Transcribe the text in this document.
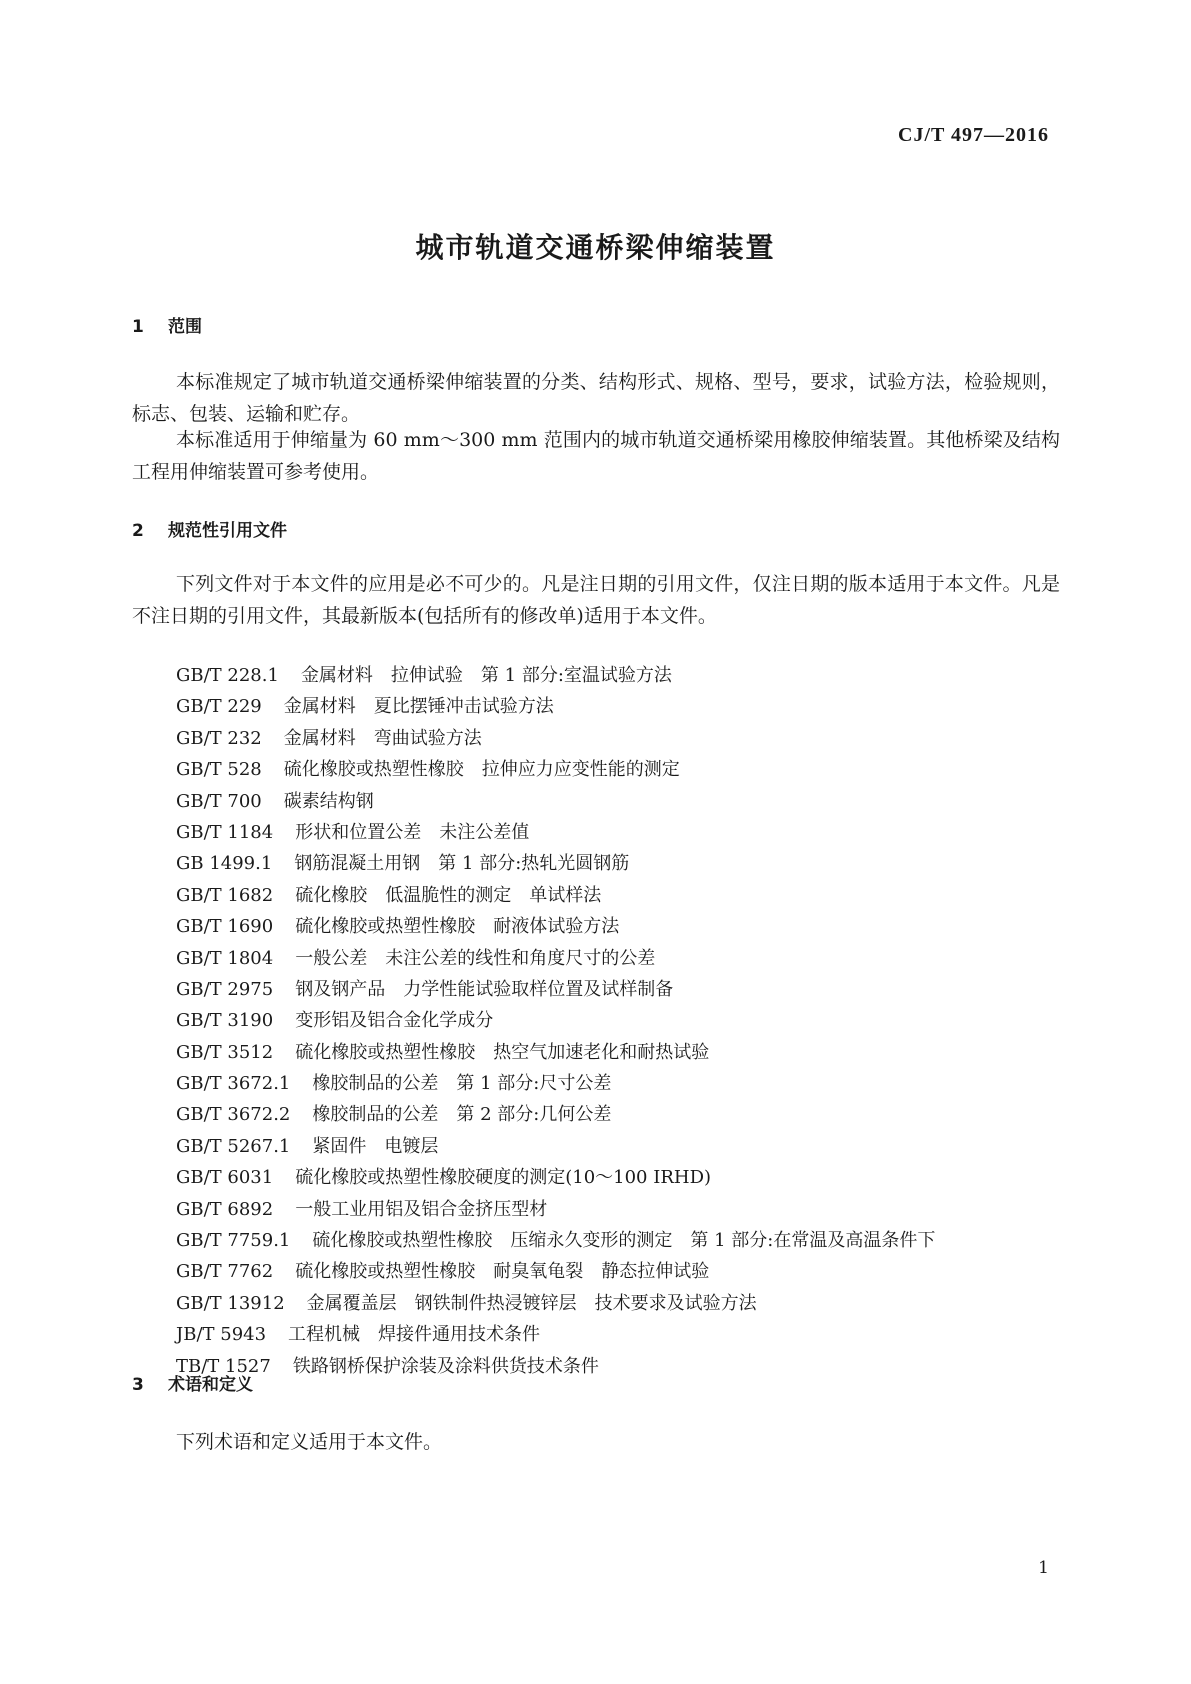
CJ/T 497—2016
城市轨道交通桥梁伸缩装置
1 范围

本标准规定了城市轨道交通桥梁伸缩装置的分类、结构形式、规格、型号，要求，试验方法，检验规则，标志、包装、运输和贮存。

本标准适用于伸缩量为 60 mm～300 mm 范围内的城市轨道交通桥梁用橡胶伸缩装置。其他桥梁及结构工程用伸缩装置可参考使用。

2 规范性引用文件

下列文件对于本文件的应用是必不可少的。凡是注日期的引用文件，仅注日期的版本适用于本文件。凡是不注日期的引用文件，其最新版本(包括所有的修改单)适用于本文件。

GB/T 228.1 金属材料　拉伸试验　第 1 部分:室温试验方法
GB/T 229 金属材料　夏比摆锤冲击试验方法
GB/T 232 金属材料　弯曲试验方法
GB/T 528 硫化橡胶或热塑性橡胶　拉伸应力应变性能的测定
GB/T 700 碳素结构钢
GB/T 1184 形状和位置公差　未注公差值
GB 1499.1 钢筋混凝土用钢　第 1 部分:热轧光圆钢筋
GB/T 1682 硫化橡胶　低温脆性的测定　单试样法
GB/T 1690 硫化橡胶或热塑性橡胶　耐液体试验方法
GB/T 1804 一般公差　未注公差的线性和角度尺寸的公差
GB/T 2975 钢及钢产品　力学性能试验取样位置及试样制备
GB/T 3190 变形铝及铝合金化学成分
GB/T 3512 硫化橡胶或热塑性橡胶　热空气加速老化和耐热试验
GB/T 3672.1 橡胶制品的公差　第 1 部分:尺寸公差
GB/T 3672.2 橡胶制品的公差　第 2 部分:几何公差
GB/T 5267.1 紧固件　电镀层
GB/T 6031 硫化橡胶或热塑性橡胶硬度的测定(10～100 IRHD)
GB/T 6892 一般工业用铝及铝合金挤压型材
GB/T 7759.1 硫化橡胶或热塑性橡胶　压缩永久变形的测定　第 1 部分:在常温及高温条件下
GB/T 7762 硫化橡胶或热塑性橡胶　耐臭氧龟裂　静态拉伸试验
GB/T 13912 金属覆盖层　钢铁制件热浸镀锌层　技术要求及试验方法
JB/T 5943 工程机械　焊接件通用技术条件
TB/T 1527 铁路钢桥保护涂装及涂料供货技术条件
3 术语和定义

下列术语和定义适用于本文件。

1
